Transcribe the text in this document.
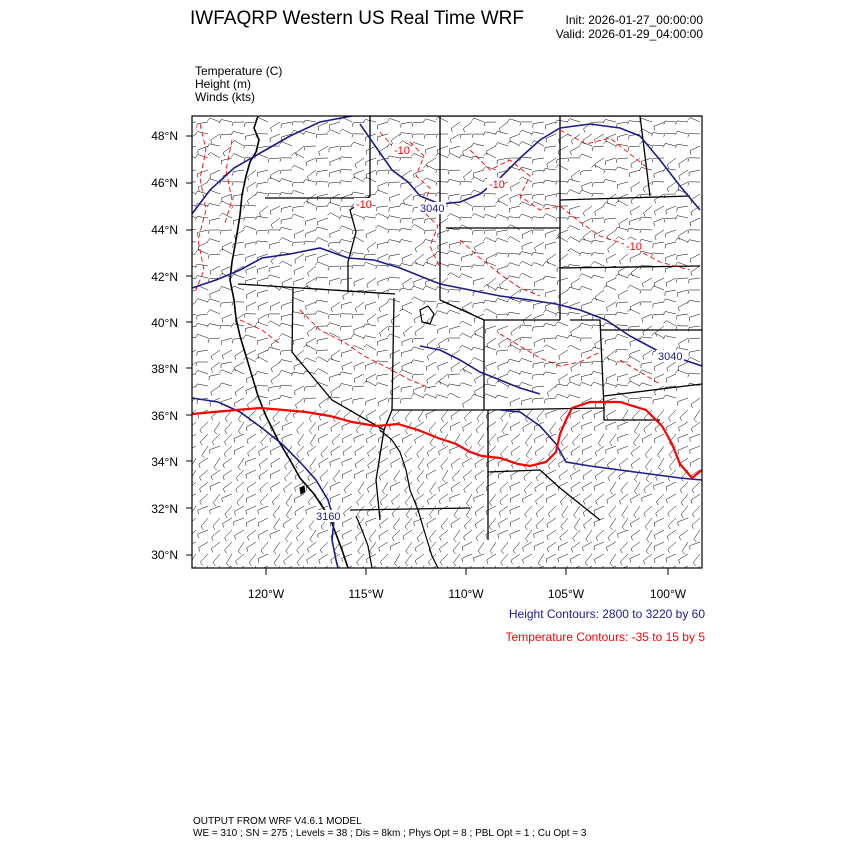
IWFAQRP Western US Real Time WRF	Init: 2026-01-27_00:00:00
Valid: 2026-01-29_04:00:00
Temperature (C)
Height (m)
Winds (kts)
-10
-10
-10
-10
3040
3040
3160
48°N
46°N
44°N
42°N
40°N
38°N
36°N
34°N
32°N
30°N
120°W	115°W	110°W	105°W	100°W
Height Contours: 2800 to 3220 by 60
Temperature Contours: -35 to 15 by 5
OUTPUT FROM WRF V4.6.1 MODEL
WE = 310 ; SN = 275 ; Levels = 38 ; Dis = 8km ; Phys Opt = 8 ; PBL Opt = 1 ; Cu Opt = 3
